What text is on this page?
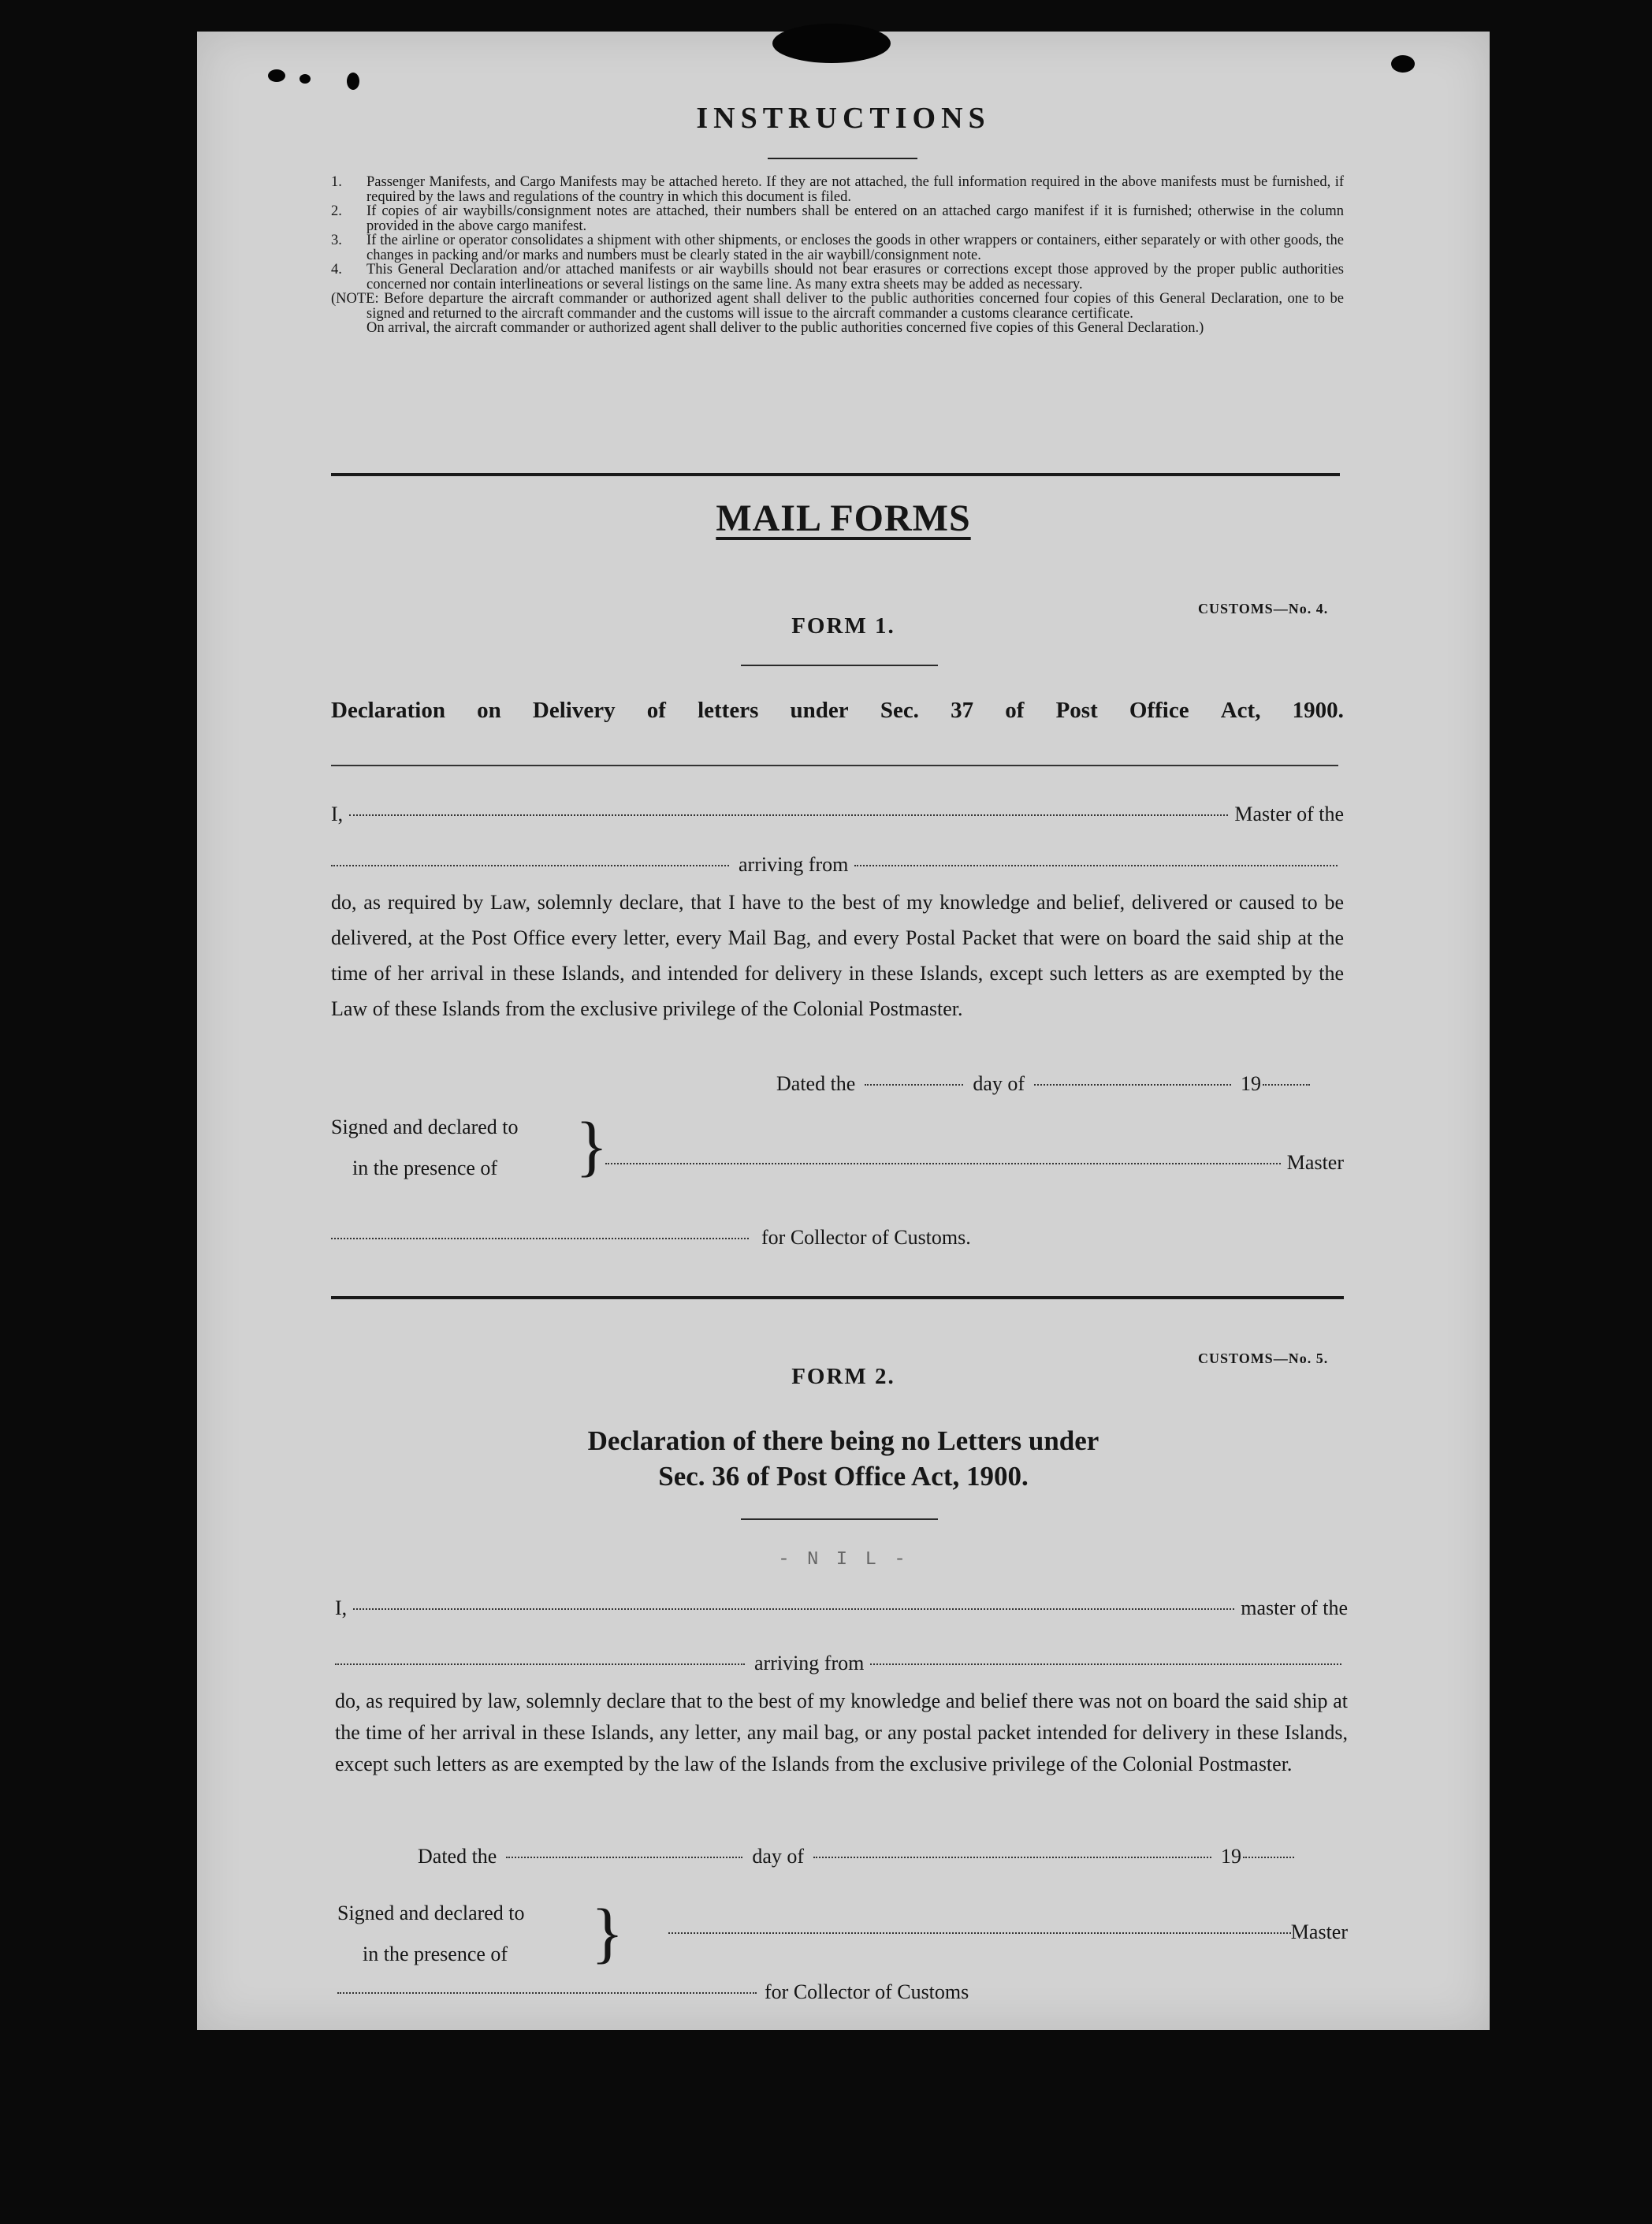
INSTRUCTIONS
1. Passenger Manifests, and Cargo Manifests may be attached hereto. If they are not attached, the full information required in the above manifests must be furnished, if required by the laws and regulations of the country in which this document is filed.
2. If copies of air waybills/consignment notes are attached, their numbers shall be entered on an attached cargo manifest if it is furnished; otherwise in the column provided in the above cargo manifest.
3. If the airline or operator consolidates a shipment with other shipments, or encloses the goods in other wrappers or containers, either separately or with other goods, the changes in packing and/or marks and numbers must be clearly stated in the air waybill/consignment note.
4. This General Declaration and/or attached manifests or air waybills should not bear erasures or corrections except those approved by the proper public authorities concerned nor contain interlineations or several listings on the same line. As many extra sheets may be added as necessary.
(NOTE: Before departure the aircraft commander or authorized agent shall deliver to the public authorities concerned four copies of this General Declaration, one to be signed and returned to the aircraft commander and the customs will issue to the aircraft commander a customs clearance certificate.
On arrival, the aircraft commander or authorized agent shall deliver to the public authorities concerned five copies of this General Declaration.)
MAIL FORMS
CUSTOMS—No. 4.
FORM 1.
Declaration on Delivery of letters under Sec. 37 of Post Office Act, 1900.
I,	Master of the
arriving from
do, as required by Law, solemnly declare, that I have to the best of my knowledge and belief, delivered or caused to be delivered, at the Post Office every letter, every Mail Bag, and every Postal Packet that were on board the said ship at the time of her arrival in these Islands, and intended for delivery in these Islands, except such letters as are exempted by the Law of these Islands from the exclusive privilege of the Colonial Postmaster.
Dated the	day of	19
Signed and declared to
in the presence of }	Master
for Collector of Customs.
CUSTOMS—No. 5.
FORM 2.
Declaration of there being no Letters under
Sec. 36 of Post Office Act, 1900.
- N I L -
I,	master of the
arriving from
do, as required by law, solemnly declare that to the best of my knowledge and belief there was not on board the said ship at the time of her arrival in these Islands, any letter, any mail bag, or any postal packet intended for delivery in these Islands, except such letters as are exempted by the law of the Islands from the exclusive privilege of the Colonial Postmaster.
Dated the	day of	19
Signed and declared to
in the presence of }	Master
for Collector of Customs
